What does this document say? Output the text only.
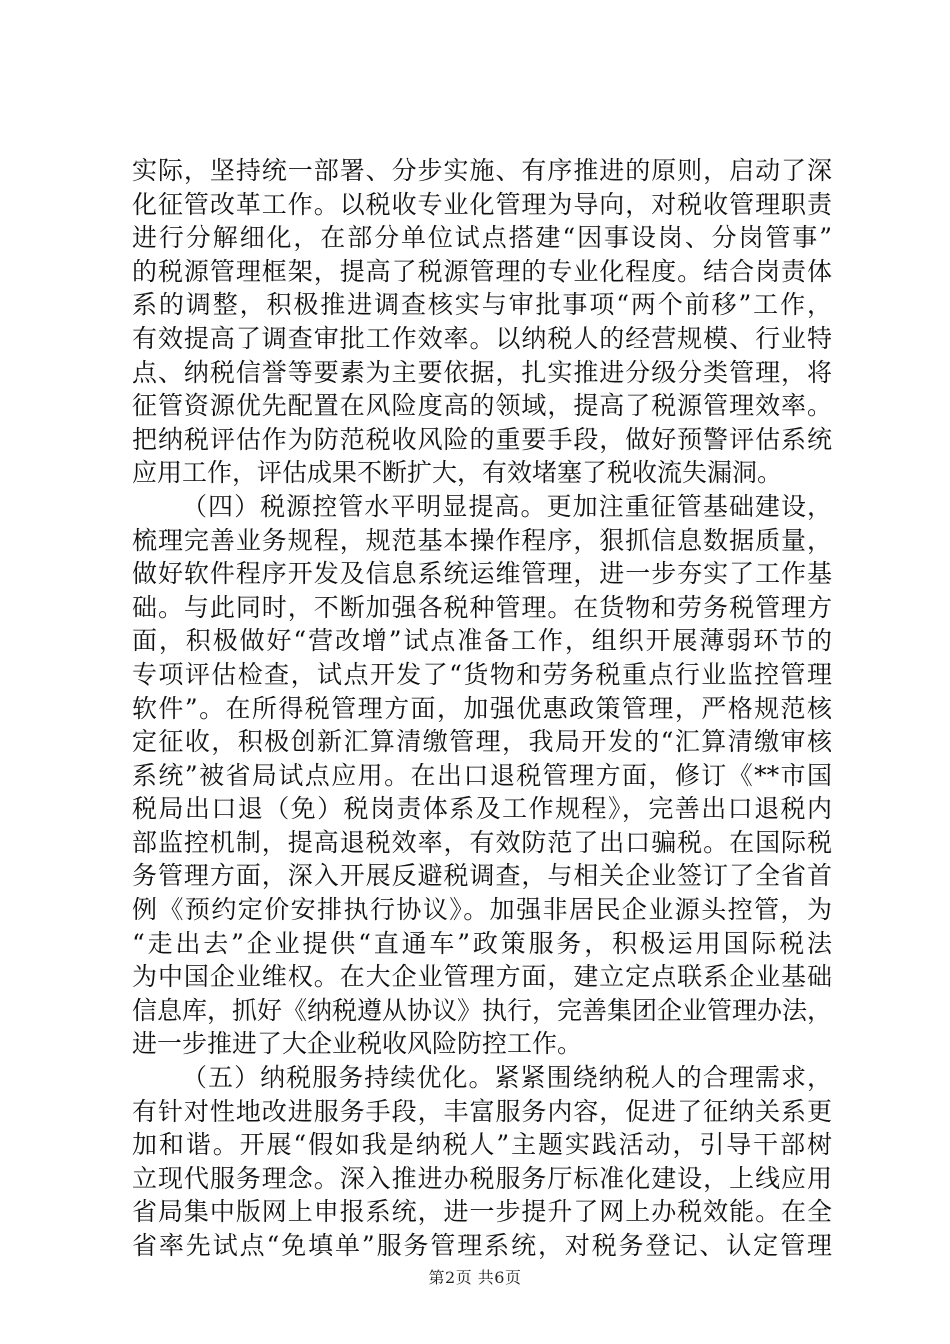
实际，坚持统一部署、分步实施、有序推进的原则，启动了深
化征管改革工作。以税收专业化管理为导向，对税收管理职责
进行分解细化，在部分单位试点搭建“因事设岗、分岗管事”
的税源管理框架，提高了税源管理的专业化程度。结合岗责体
系的调整，积极推进调查核实与审批事项“两个前移”工作，
有效提高了调查审批工作效率。以纳税人的经营规模、行业特
点、纳税信誉等要素为主要依据，扎实推进分级分类管理，将
征管资源优先配置在风险度高的领域，提高了税源管理效率。
把纳税评估作为防范税收风险的重要手段，做好预警评估系统
应用工作，评估成果不断扩大，有效堵塞了税收流失漏洞。
（四）税源控管水平明显提高。更加注重征管基础建设，
梳理完善业务规程，规范基本操作程序，狠抓信息数据质量，
做好软件程序开发及信息系统运维管理，进一步夯实了工作基
础。与此同时，不断加强各税种管理。在货物和劳务税管理方
面，积极做好“营改增”试点准备工作，组织开展薄弱环节的
专项评估检查，试点开发了“货物和劳务税重点行业监控管理
软件”。在所得税管理方面，加强优惠政策管理，严格规范核
定征收，积极创新汇算清缴管理，我局开发的“汇算清缴审核
系统”被省局试点应用。在出口退税管理方面，修订《**市国
税局出口退（免）税岗责体系及工作规程》，完善出口退税内
部监控机制，提高退税效率，有效防范了出口骗税。在国际税
务管理方面，深入开展反避税调查，与相关企业签订了全省首
例《预约定价安排执行协议》。加强非居民企业源头控管，为
“走出去”企业提供“直通车”政策服务，积极运用国际税法
为中国企业维权。在大企业管理方面，建立定点联系企业基础
信息库，抓好《纳税遵从协议》执行，完善集团企业管理办法，
进一步推进了大企业税收风险防控工作。
（五）纳税服务持续优化。紧紧围绕纳税人的合理需求，
有针对性地改进服务手段，丰富服务内容，促进了征纳关系更
加和谐。开展“假如我是纳税人”主题实践活动，引导干部树
立现代服务理念。深入推进办税服务厅标准化建设，上线应用
省局集中版网上申报系统，进一步提升了网上办税效能。在全
省率先试点“免填单”服务管理系统，对税务登记、认定管理
第2页 共6页
